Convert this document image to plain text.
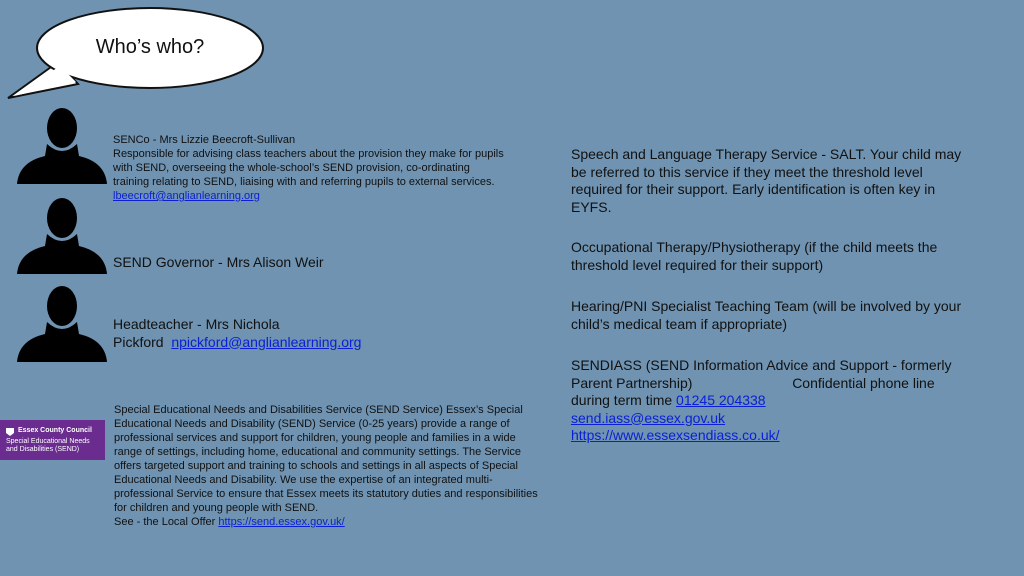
Who’s who?
SENCo - Mrs Lizzie Beecroft-Sullivan
Responsible for advising class teachers about the provision they make for pupils with SEND, overseeing the whole-school’s SEND provision, co-ordinating training relating to SEND, liaising with and referring pupils to external services. lbeecroft@anglianlearning.org
SEND Governor - Mrs Alison Weir
Headteacher - Mrs Nichola
Pickford npickford@anglianlearning.org
Essex County Council
Special Educational Needs
and Disabilities (SEND)
Special Educational Needs and Disabilities Service (SEND Service) Essex’s Special Educational Needs and Disability (SEND) Service (0-25 years) provide a range of professional services and support for children, young people and families in a wide range of settings, including home, educational and community settings. The Service offers targeted support and training to schools and settings in all aspects of Special Educational Needs and Disability. We use the expertise of an integrated multi- professional Service to ensure that Essex meets its statutory duties and responsibilities for children and young people with SEND.
See - the Local Offer https://send.essex.gov.uk/
Speech and Language Therapy Service - SALT. Your child may be referred to this service if they meet the threshold level required for their support. Early identification is often key in EYFS.
Occupational Therapy/Physiotherapy (if the child meets the threshold level required for their support)
Hearing/PNI Specialist Teaching Team (will be involved by your child’s medical team if appropriate)
SENDIASS (SEND Information Advice and Support - formerly
Parent Partnership)	Confidential phone line
during term time 01245 204338
send.iass@essex.gov.uk
https://www.essexsendiass.co.uk/
